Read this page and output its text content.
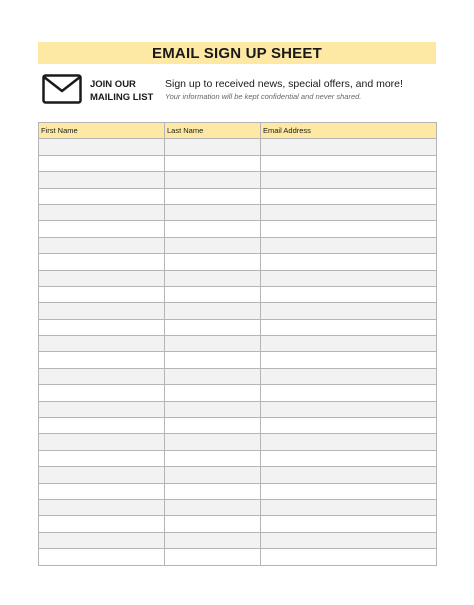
EMAIL SIGN UP SHEET
JOIN OUR
MAILING LIST
Sign up to received news, special offers, and more!
Your information will be kept confidential and never shared.
First Name	Last Name	Email Address
